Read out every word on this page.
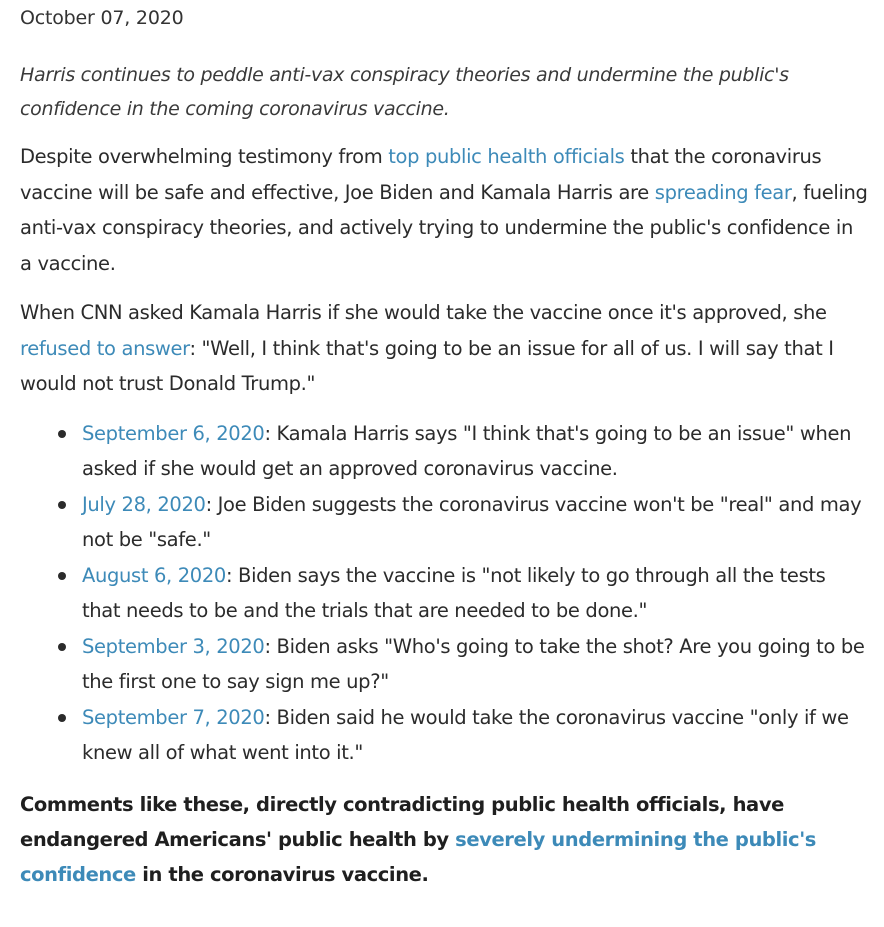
October 07, 2020

Harris continues to peddle anti-vax conspiracy theories and undermine the public's confidence in the coming coronavirus vaccine.

Despite overwhelming testimony from top public health officials that the coronavirus vaccine will be safe and effective, Joe Biden and Kamala Harris are spreading fear, fueling anti-vax conspiracy theories, and actively trying to undermine the public's confidence in a vaccine.

When CNN asked Kamala Harris if she would take the vaccine once it's approved, she refused to answer: "Well, I think that's going to be an issue for all of us. I will say that I would not trust Donald Trump."

September 6, 2020: Kamala Harris says "I think that's going to be an issue" when asked if she would get an approved coronavirus vaccine.
July 28, 2020: Joe Biden suggests the coronavirus vaccine won't be "real" and may not be "safe."
August 6, 2020: Biden says the vaccine is "not likely to go through all the tests that needs to be and the trials that are needed to be done."
September 3, 2020: Biden asks "Who's going to take the shot? Are you going to be the first one to say sign me up?"
September 7, 2020: Biden said he would take the coronavirus vaccine "only if we knew all of what went into it."

Comments like these, directly contradicting public health officials, have endangered Americans' public health by severely undermining the public's confidence in the coronavirus vaccine.
